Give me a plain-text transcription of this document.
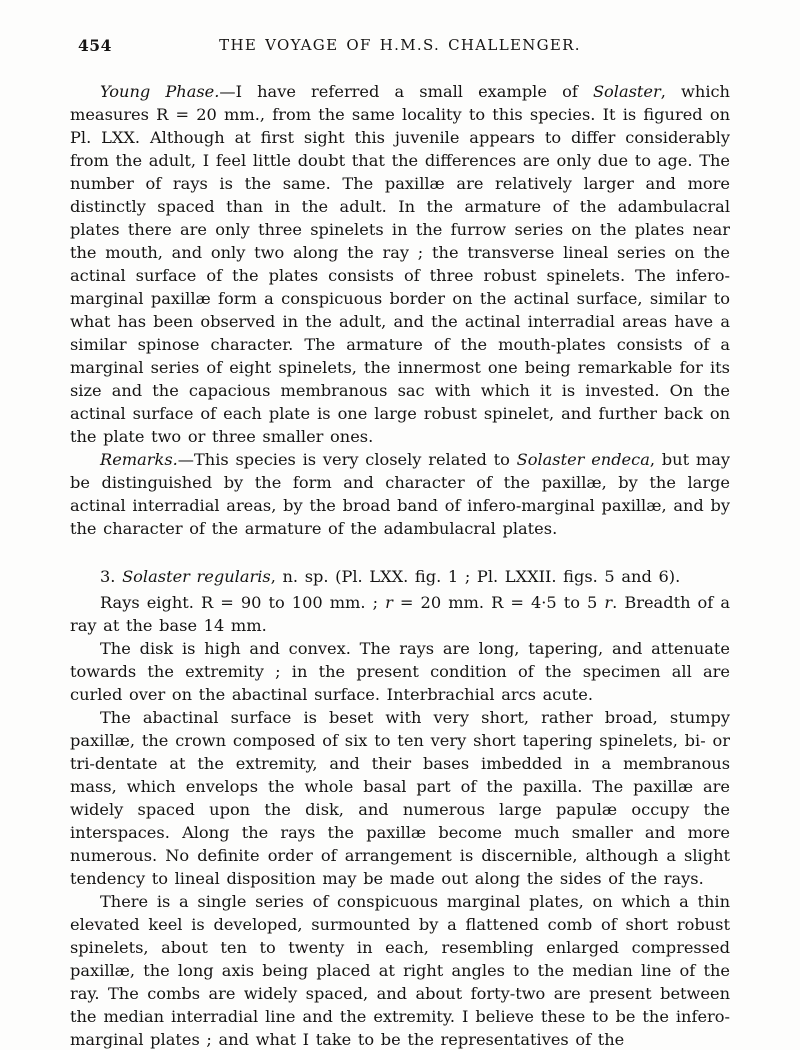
454	THE VOYAGE OF H.M.S. CHALLENGER.

Young Phase.—I have referred a small example of Solaster, which measures R = 20 mm., from the same locality to this species. It is figured on Pl. LXX. Although at first sight this juvenile appears to differ considerably from the adult, I feel little doubt that the differences are only due to age. The number of rays is the same. The paxillæ are relatively larger and more distinctly spaced than in the adult. In the armature of the adambulacral plates there are only three spinelets in the furrow series on the plates near the mouth, and only two along the ray ; the transverse lineal series on the actinal surface of the plates consists of three robust spinelets. The infero-marginal paxillæ form a conspicuous border on the actinal surface, similar to what has been observed in the adult, and the actinal interradial areas have a similar spinose character. The armature of the mouth-plates consists of a marginal series of eight spinelets, the innermost one being remarkable for its size and the capacious membranous sac with which it is invested. On the actinal surface of each plate is one large robust spinelet, and further back on the plate two or three smaller ones.

Remarks.—This species is very closely related to Solaster endeca, but may be distinguished by the form and character of the paxillæ, by the large actinal interradial areas, by the broad band of infero-marginal paxillæ, and by the character of the armature of the adambulacral plates.

3. Solaster regularis, n. sp. (Pl. LXX. fig. 1 ; Pl. LXXII. figs. 5 and 6).

Rays eight. R = 90 to 100 mm. ; r = 20 mm. R = 4·5 to 5 r. Breadth of a ray at the base 14 mm.

The disk is high and convex. The rays are long, tapering, and attenuate towards the extremity ; in the present condition of the specimen all are curled over on the abactinal surface. Interbrachial arcs acute.

The abactinal surface is beset with very short, rather broad, stumpy paxillæ, the crown composed of six to ten very short tapering spinelets, bi- or tri-dentate at the extremity, and their bases imbedded in a membranous mass, which envelops the whole basal part of the paxilla. The paxillæ are widely spaced upon the disk, and numerous large papulæ occupy the interspaces. Along the rays the paxillæ become much smaller and more numerous. No definite order of arrangement is discernible, although a slight tendency to lineal disposition may be made out along the sides of the rays.

There is a single series of conspicuous marginal plates, on which a thin elevated keel is developed, surmounted by a flattened comb of short robust spinelets, about ten to twenty in each, resembling enlarged compressed paxillæ, the long axis being placed at right angles to the median line of the ray. The combs are widely spaced, and about forty-two are present between the median interradial line and the extremity. I believe these to be the infero-marginal plates ; and what I take to be the representatives of the
